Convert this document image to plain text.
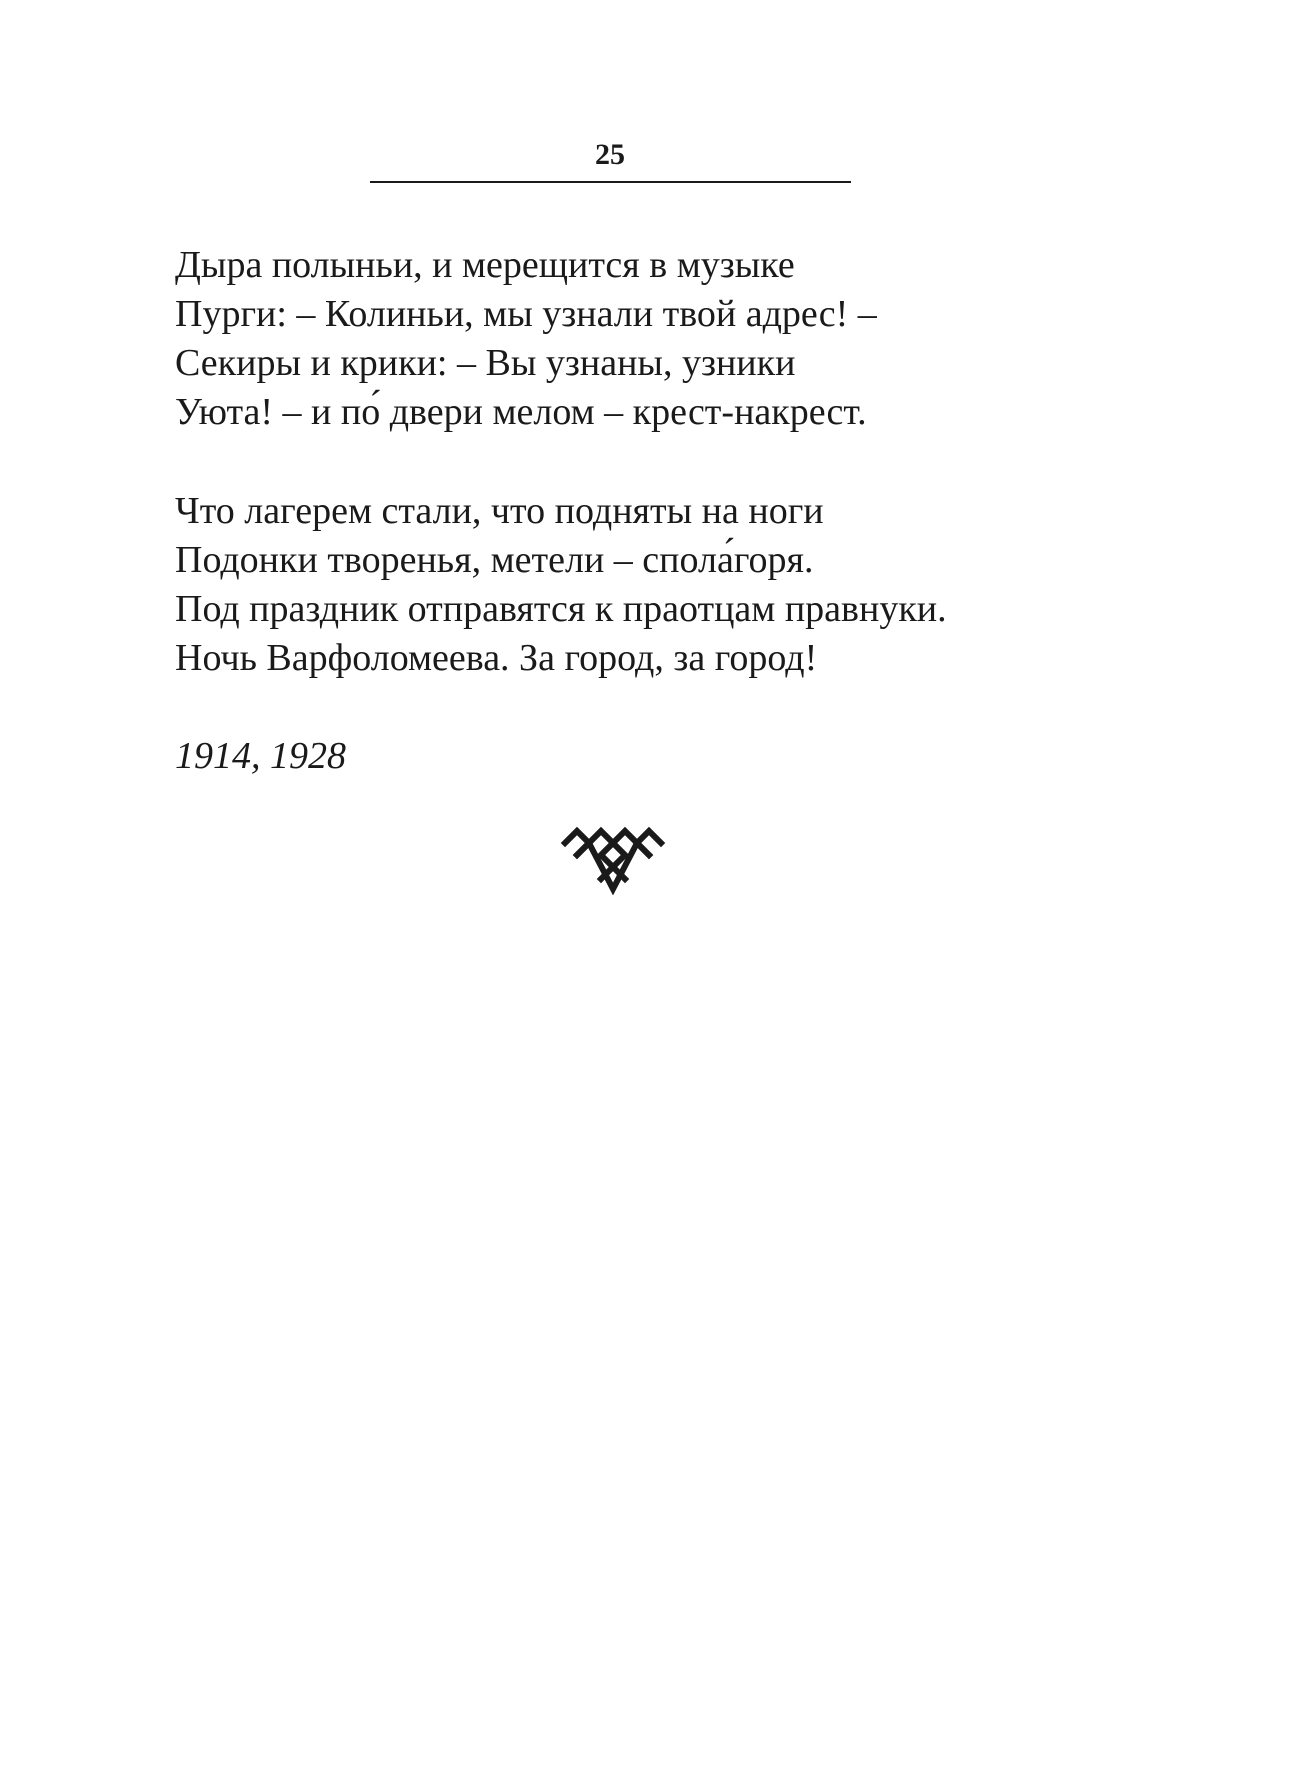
25
Дыра полыньи, и мерещится в музыке
Пурги: – Колиньи, мы узнали твой адрес! –
Секиры и крики: – Вы узнаны, узники
Уюта! – и по́ двери мелом – крест-накрест.
Что лагерем стали, что подняты на ноги
Подонки творенья, метели – спола́горя.
Под праздник отправятся к праотцам правнуки.
Ночь Варфоломеева. За город, за город!
1914, 1928
